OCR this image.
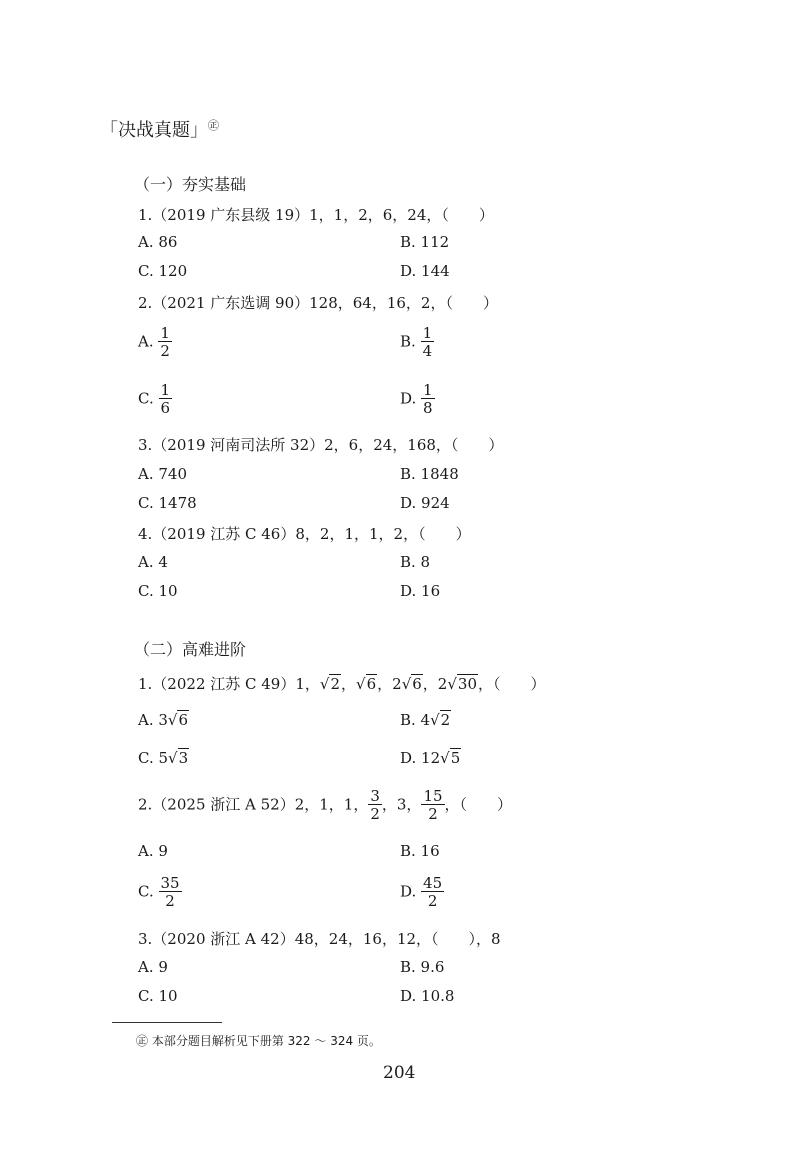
「决战真题」㊣
（一）夯实基础
1.（2019 广东县级 19）1，1，2，6，24，（　　）
A. 86	B. 112
C. 120	D. 144
2.（2021 广东选调 90）128，64，16，2，（　　）
A. $\frac{1}{2}$	B. $\frac{1}{4}$
C. $\frac{1}{6}$	D. $\frac{1}{8}$
3.（2019 河南司法所 32）2，6，24，168，（　　）
A. 740	B. 1848
C. 1478	D. 924
4.（2019 江苏 C 46）8，2，1，1，2，（　　）
A. 4	B. 8
C. 10	D. 16
（二）高难进阶
1.（2022 江苏 C 49）1，√2，√6，2√6，2√30，（　　）
A. 3√6	B. 4√2
C. 5√3	D. 12√5
2.（2025 浙江 A 52）2，1，1， $\frac{3}{2}$ ，3， $\frac{15}{2}$ ，（　　）
A. 9	B. 16
C. $\frac{35}{2}$	D. $\frac{45}{2}$
3.（2020 浙江 A 42）48，24，16，12，（　　），8
A. 9	B. 9.6
C. 10	D. 10.8
㊣ 本部分题目解析见下册第 322 ～ 324 页。
204
